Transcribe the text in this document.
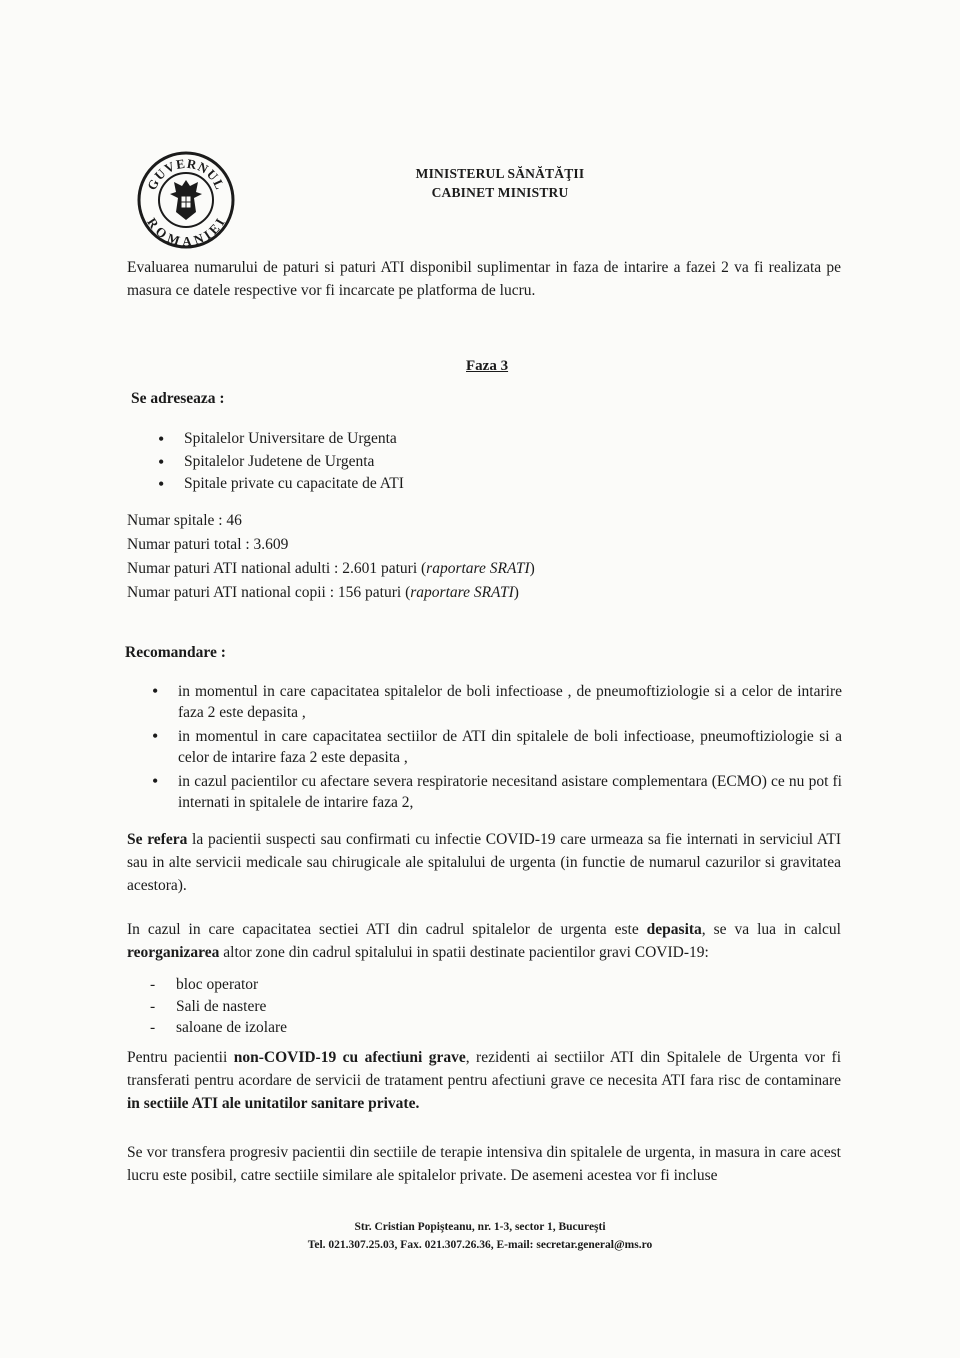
GUVERNUL
ROMANIEI
MINISTERUL SĂNĂTĂŢII
CABINET MINISTRU
Evaluarea numarului de paturi si paturi ATI disponibil suplimentar in faza de intarire a fazei 2 va fi realizata pe masura ce datele respective vor fi incarcate pe platforma de lucru.
Faza 3
Se adreseaza :
• Spitalelor Universitare de Urgenta
• Spitalelor Judetene de Urgenta
• Spitale private cu capacitate de ATI
Numar spitale : 46
Numar paturi total : 3.609
Numar paturi ATI national adulti : 2.601 paturi (raportare SRATI)
Numar paturi ATI national copii : 156 paturi (raportare SRATI)
Recomandare :
• in momentul in care capacitatea spitalelor de boli infectioase , de pneumoftiziologie si a celor de intarire faza 2 este depasita ,
• in momentul in care capacitatea sectiilor de ATI din spitalele de boli infectioase, pneumoftiziologie si a celor de intarire faza 2 este depasita ,
• in cazul pacientilor cu afectare severa respiratorie necesitand asistare complementara (ECMO) ce nu pot fi internati in spitalele de intarire faza 2,
Se refera la pacientii suspecti sau confirmati cu infectie COVID-19 care urmeaza sa fie internati in serviciul ATI sau in alte servicii medicale sau chirugicale ale spitalului de urgenta (in functie de numarul cazurilor si gravitatea acestora).
In cazul in care capacitatea sectiei ATI din cadrul spitalelor de urgenta este depasita, se va lua in calcul reorganizarea altor zone din cadrul spitalului in spatii destinate pacientilor gravi COVID-19:
- bloc operator
- Sali de nastere
- saloane de izolare
Pentru pacientii non-COVID-19 cu afectiuni grave, rezidenti ai sectiilor ATI din Spitalele de Urgenta vor fi transferati pentru acordare de servicii de tratament pentru afectiuni grave ce necesita ATI fara risc de contaminare in sectiile ATI ale unitatilor sanitare private.
Se vor transfera progresiv pacientii din sectiile de terapie intensiva din spitalele de urgenta, in masura in care acest lucru este posibil, catre sectiile similare ale spitalelor private. De asemeni acestea vor fi incluse
Str. Cristian Popişteanu, nr. 1-3, sector 1, Bucureşti
Tel. 021.307.25.03, Fax. 021.307.26.36, E-mail: secretar.general@ms.ro
